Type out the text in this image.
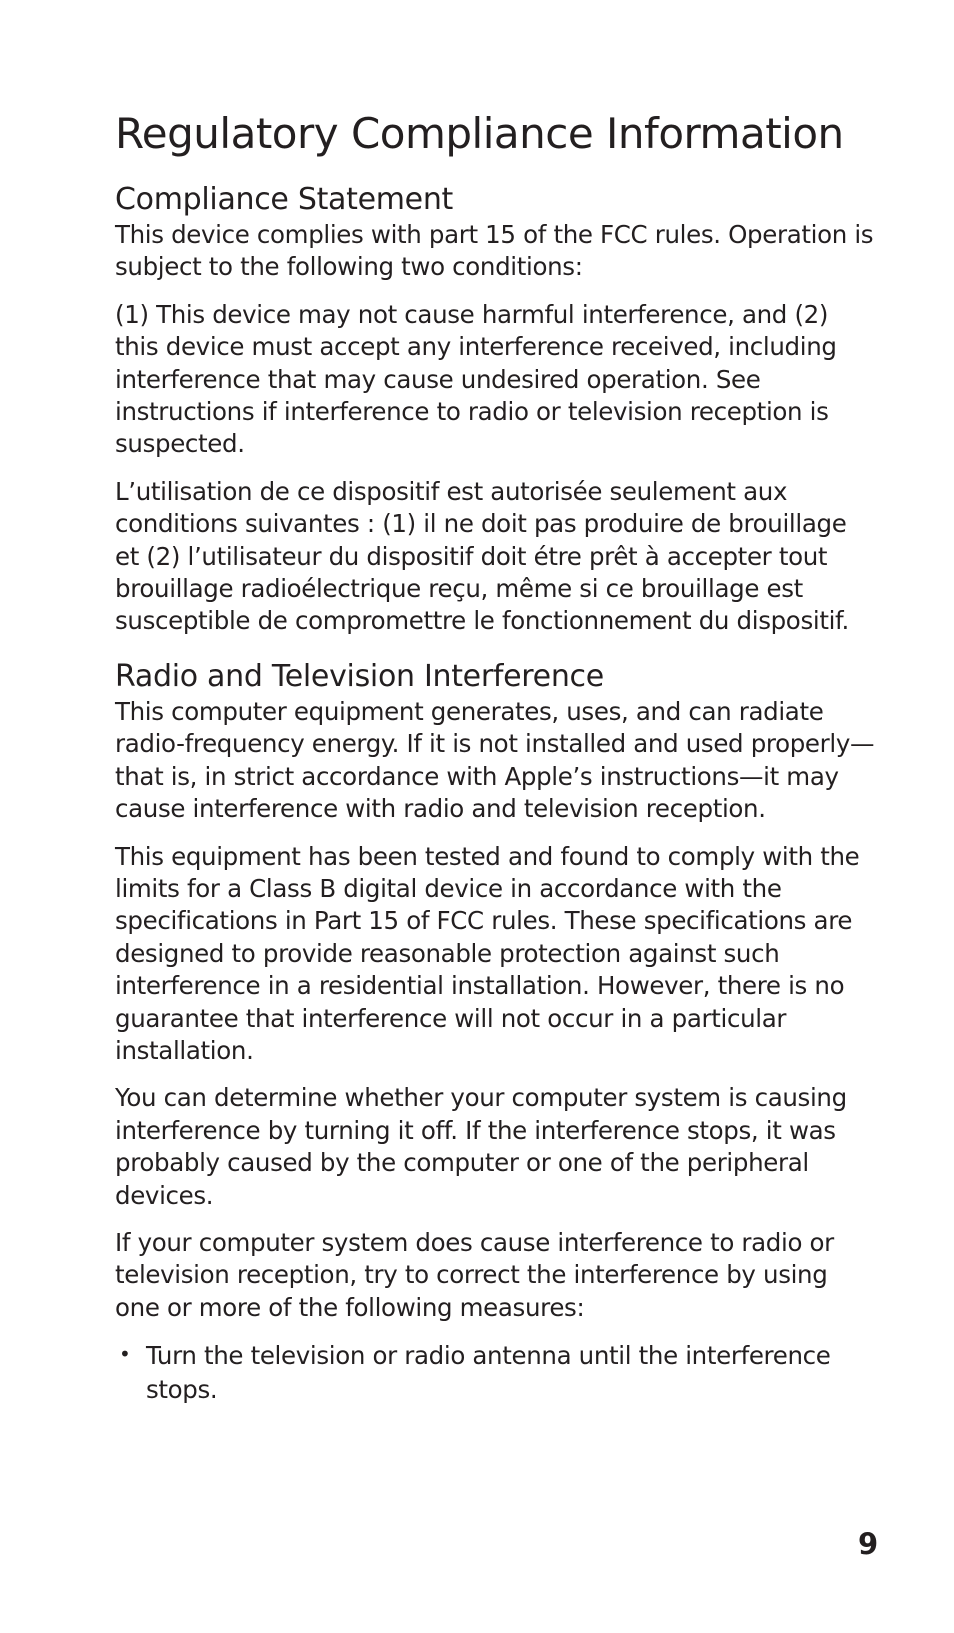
Regulatory Compliance Information
Compliance Statement

This device complies with part 15 of the FCC rules. Operation is subject to the following two conditions:

(1) This device may not cause harmful interference, and (2) this device must accept any interference received, including interference that may cause undesired operation. See instructions if interference to radio or television reception is suspected.

L’utilisation de ce dispositif est autorisée seulement aux conditions suivantes : (1) il ne doit pas produire de brouillage et (2) l’utilisateur du dispositif doit étre prêt à accepter tout brouillage radioélectrique reçu, même si ce brouillage est susceptible de compromettre le fonctionnement du dispositif.

Radio and Television Interference

This computer equipment generates, uses, and can radiate radio-frequency energy. If it is not installed and used properly—that is, in strict accordance with Apple’s instructions—it may cause interference with radio and television reception.

This equipment has been tested and found to comply with the limits for a Class B digital device in accordance with the specifications in Part 15 of FCC rules. These specifications are designed to provide reasonable protection against such interference in a residential installation. However, there is no guarantee that interference will not occur in a particular installation.

You can determine whether your computer system is causing interference by turning it off. If the interference stops, it was probably caused by the computer or one of the peripheral devices.

If your computer system does cause interference to radio or television reception, try to correct the interference by using one or more of the following measures:

• Turn the television or radio antenna until the interference stops.
9
